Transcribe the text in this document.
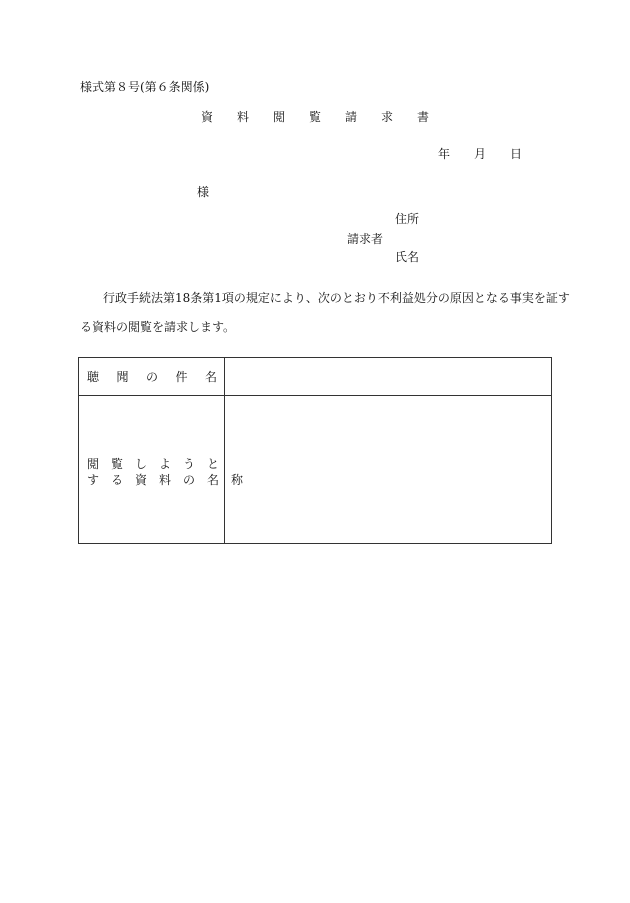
様式第８号(第６条関係)
資　　料　　閲　　覧　　請　　求　　書
年　　月　　日
様
住所
請求者
氏名
行政手続法第18条第1項の規定により、次のとおり不利益処分の原因となる事実を証す
る資料の閲覧を請求します。
聴　聞　の　件　名
閲　覧　し　よ　う　と
す　る　資　料　の　名　称
